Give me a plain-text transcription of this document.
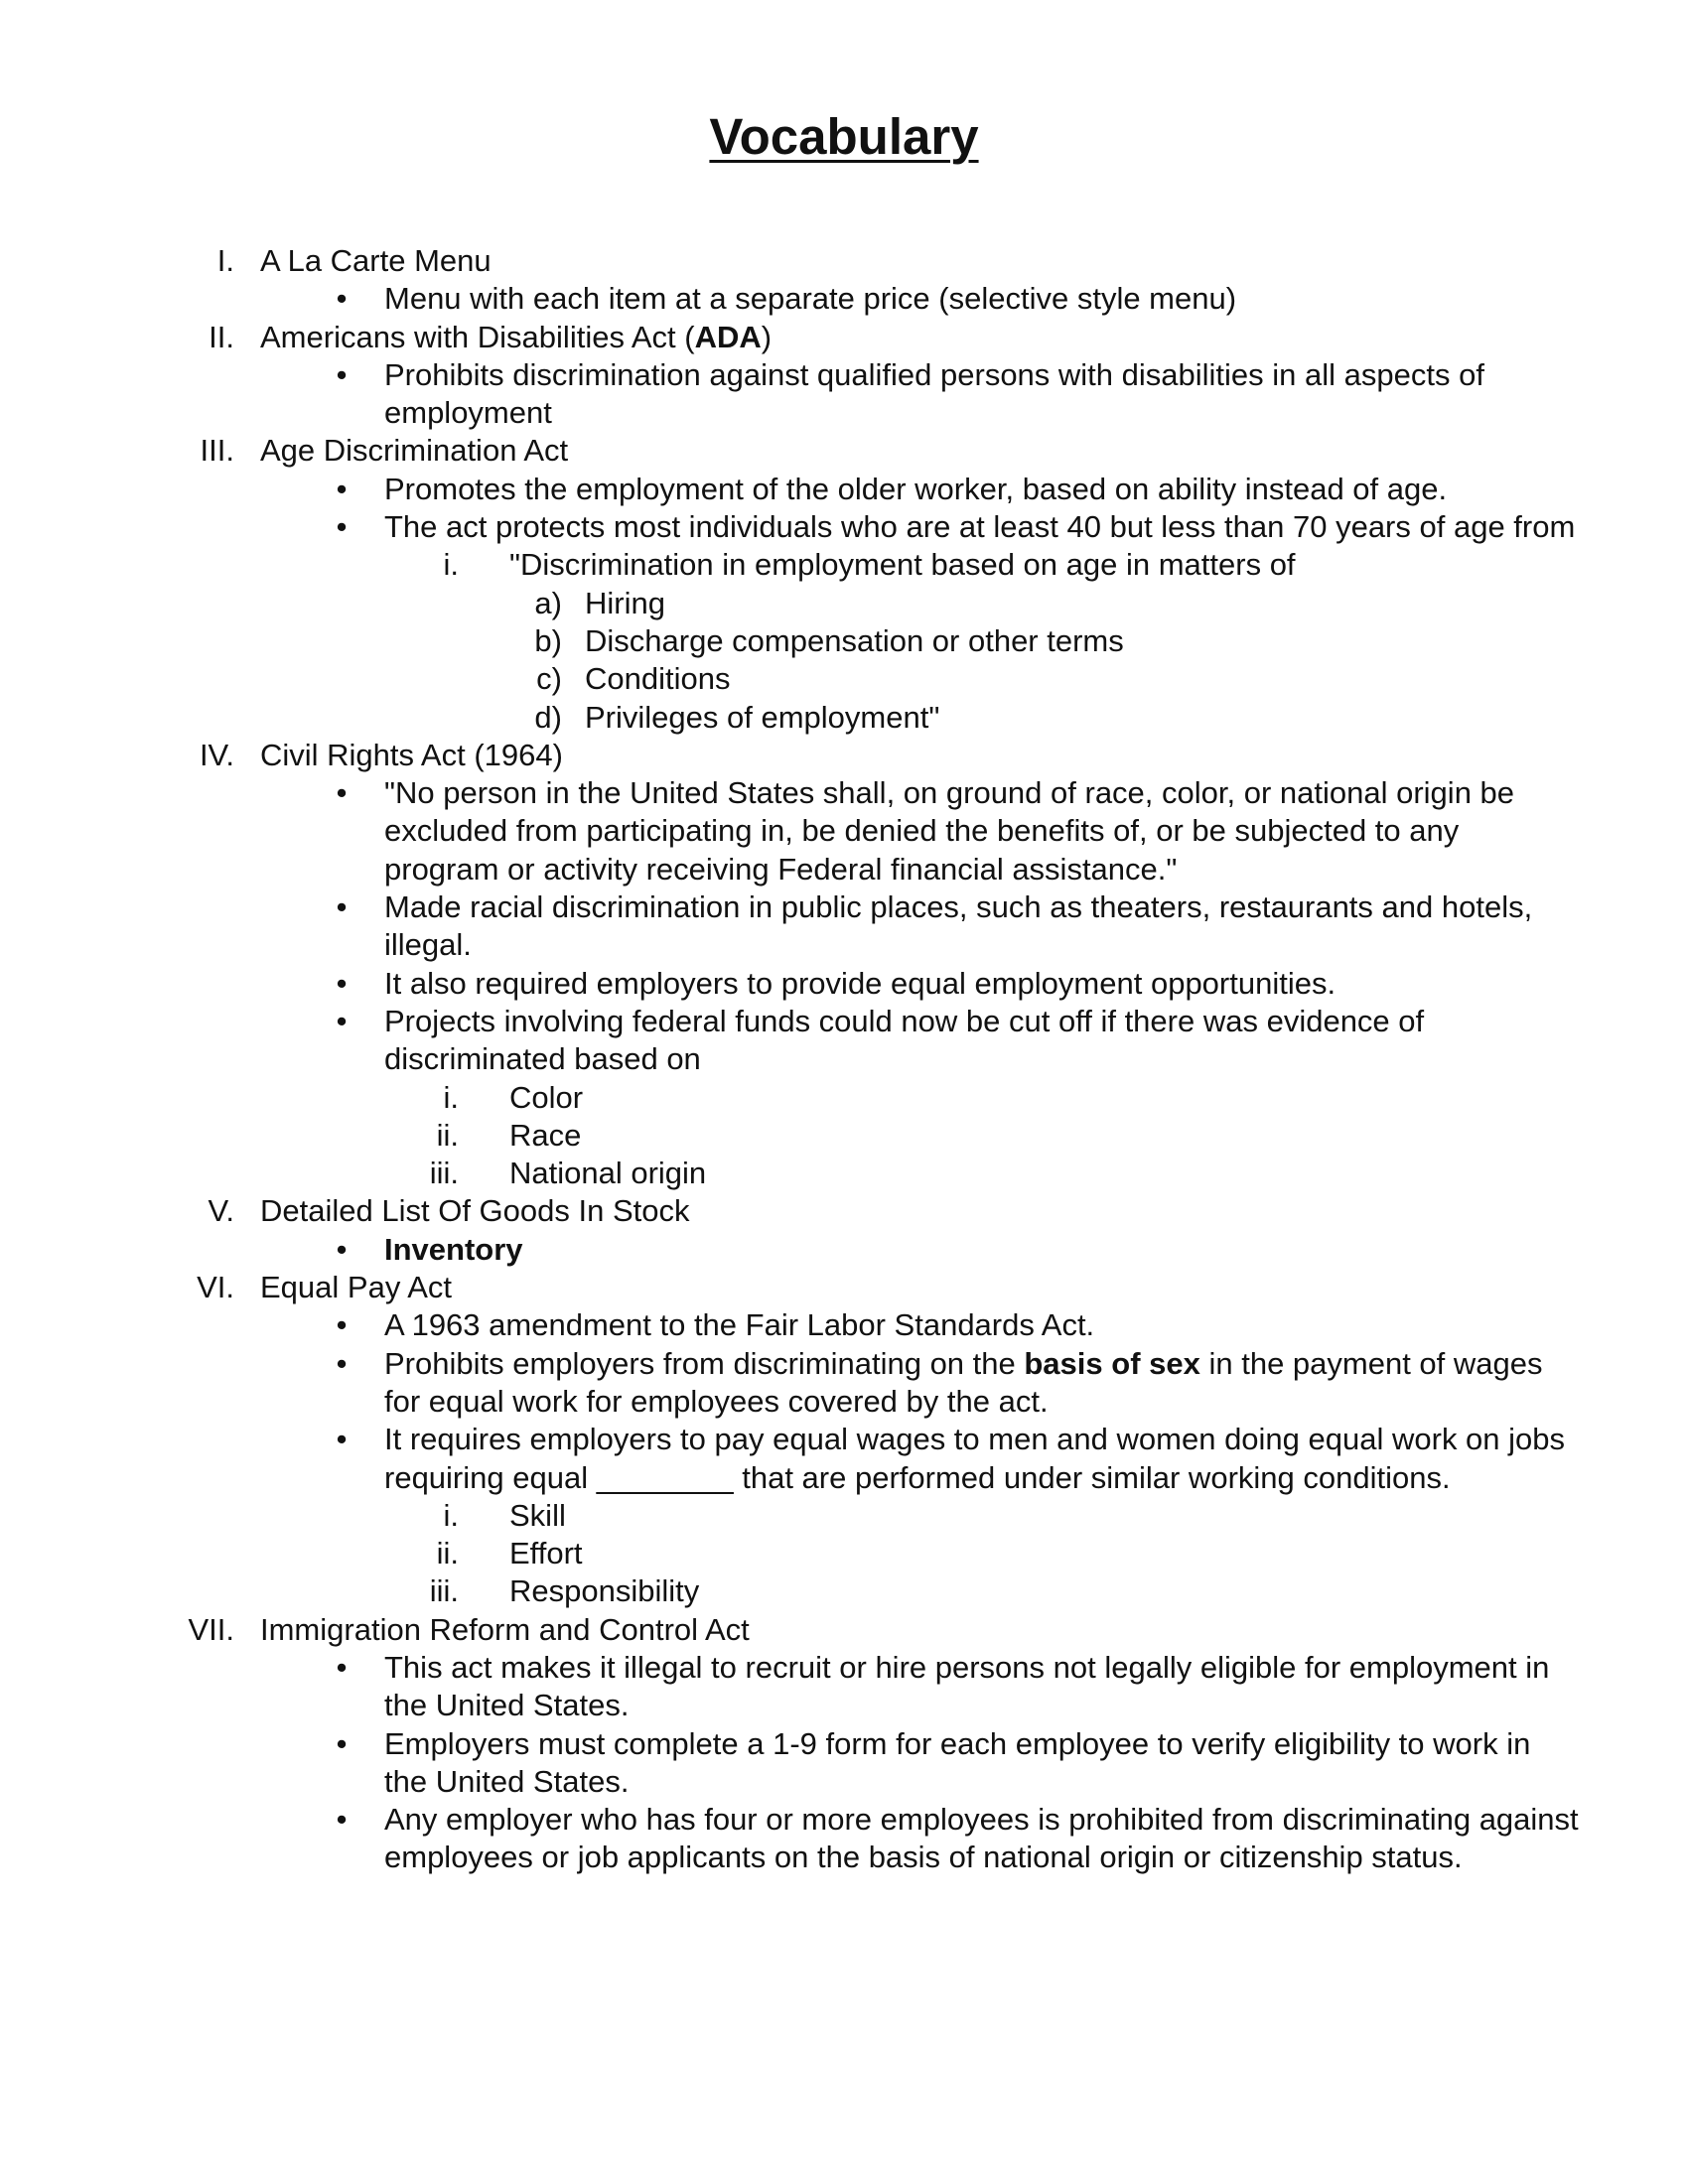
Vocabulary
I. A La Carte Menu
• Menu with each item at a separate price (selective style menu)
II. Americans with Disabilities Act (ADA)
• Prohibits discrimination against qualified persons with disabilities in all aspects of employment
III. Age Discrimination Act
• Promotes the employment of the older worker, based on ability instead of age.
• The act protects most individuals who are at least 40 but less than 70 years of age from
i. "Discrimination in employment based on age in matters of
a) Hiring
b) Discharge compensation or other terms
c) Conditions
d) Privileges of employment"
IV. Civil Rights Act (1964)
• "No person in the United States shall, on ground of race, color, or national origin be excluded from participating in, be denied the benefits of, or be subjected to any program or activity receiving Federal financial assistance."
• Made racial discrimination in public places, such as theaters, restaurants and hotels, illegal.
• It also required employers to provide equal employment opportunities.
• Projects involving federal funds could now be cut off if there was evidence of discriminated based on
i. Color
ii. Race
iii. National origin
V. Detailed List Of Goods In Stock
• Inventory
VI. Equal Pay Act
• A 1963 amendment to the Fair Labor Standards Act.
• Prohibits employers from discriminating on the basis of sex in the payment of wages for equal work for employees covered by the act.
• It requires employers to pay equal wages to men and women doing equal work on jobs requiring equal ________ that are performed under similar working conditions.
i. Skill
ii. Effort
iii. Responsibility
VII. Immigration Reform and Control Act
• This act makes it illegal to recruit or hire persons not legally eligible for employment in the United States.
• Employers must complete a 1-9 form for each employee to verify eligibility to work in the United States.
• Any employer who has four or more employees is prohibited from discriminating against employees or job applicants on the basis of national origin or citizenship status.
